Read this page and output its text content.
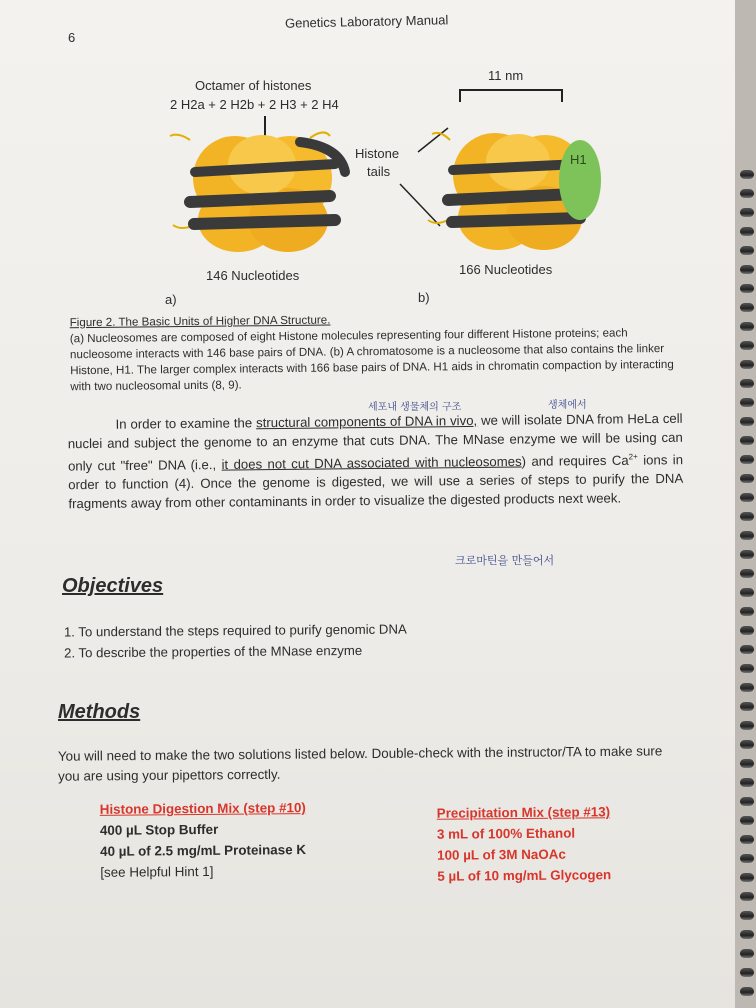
6
Genetics Laboratory Manual
Octamer of histones
2 H2a + 2 H2b + 2 H3 + 2 H4
11 nm
Histone
tails
H1
146 Nucleotides	166 Nucleotides
a)	b)
Figure 2. The Basic Units of Higher DNA Structure.
(a) Nucleosomes are composed of eight Histone molecules representing four different Histone proteins; each nucleosome interacts with 146 base pairs of DNA. (b) A chromatosome is a nucleosome that also contains the linker Histone, H1. The larger complex interacts with 166 base pairs of DNA. H1 aids in chromatin compaction by interacting with two nucleosomal units (8, 9).
세포내 생물체의 구조	생체에서
In order to examine the structural components of DNA in vivo, we will isolate DNA from HeLa cell nuclei and subject the genome to an enzyme that cuts DNA. The MNase enzyme we will be using can only cut "free" DNA (i.e., it does not cut DNA associated with nucleosomes) and requires $Ca^{2+}$ ions in order to function (4). Once the genome is digested, we will use a series of steps to purify the DNA fragments away from other contaminants in order to visualize the digested products next week.
크로마틴을 만들어서
Objectives
1. To understand the steps required to purify genomic DNA
2. To describe the properties of the MNase enzyme
Methods
You will need to make the two solutions listed below. Double-check with the instructor/TA to make sure you are using your pipettors correctly.
Histone Digestion Mix (step #10)
400 µL Stop Buffer
40 µL of 2.5 mg/mL Proteinase K
[see Helpful Hint 1]
Precipitation Mix (step #13)
3 mL of 100% Ethanol
100 µL of 3M NaOAc
5 µL of 10 mg/mL Glycogen
